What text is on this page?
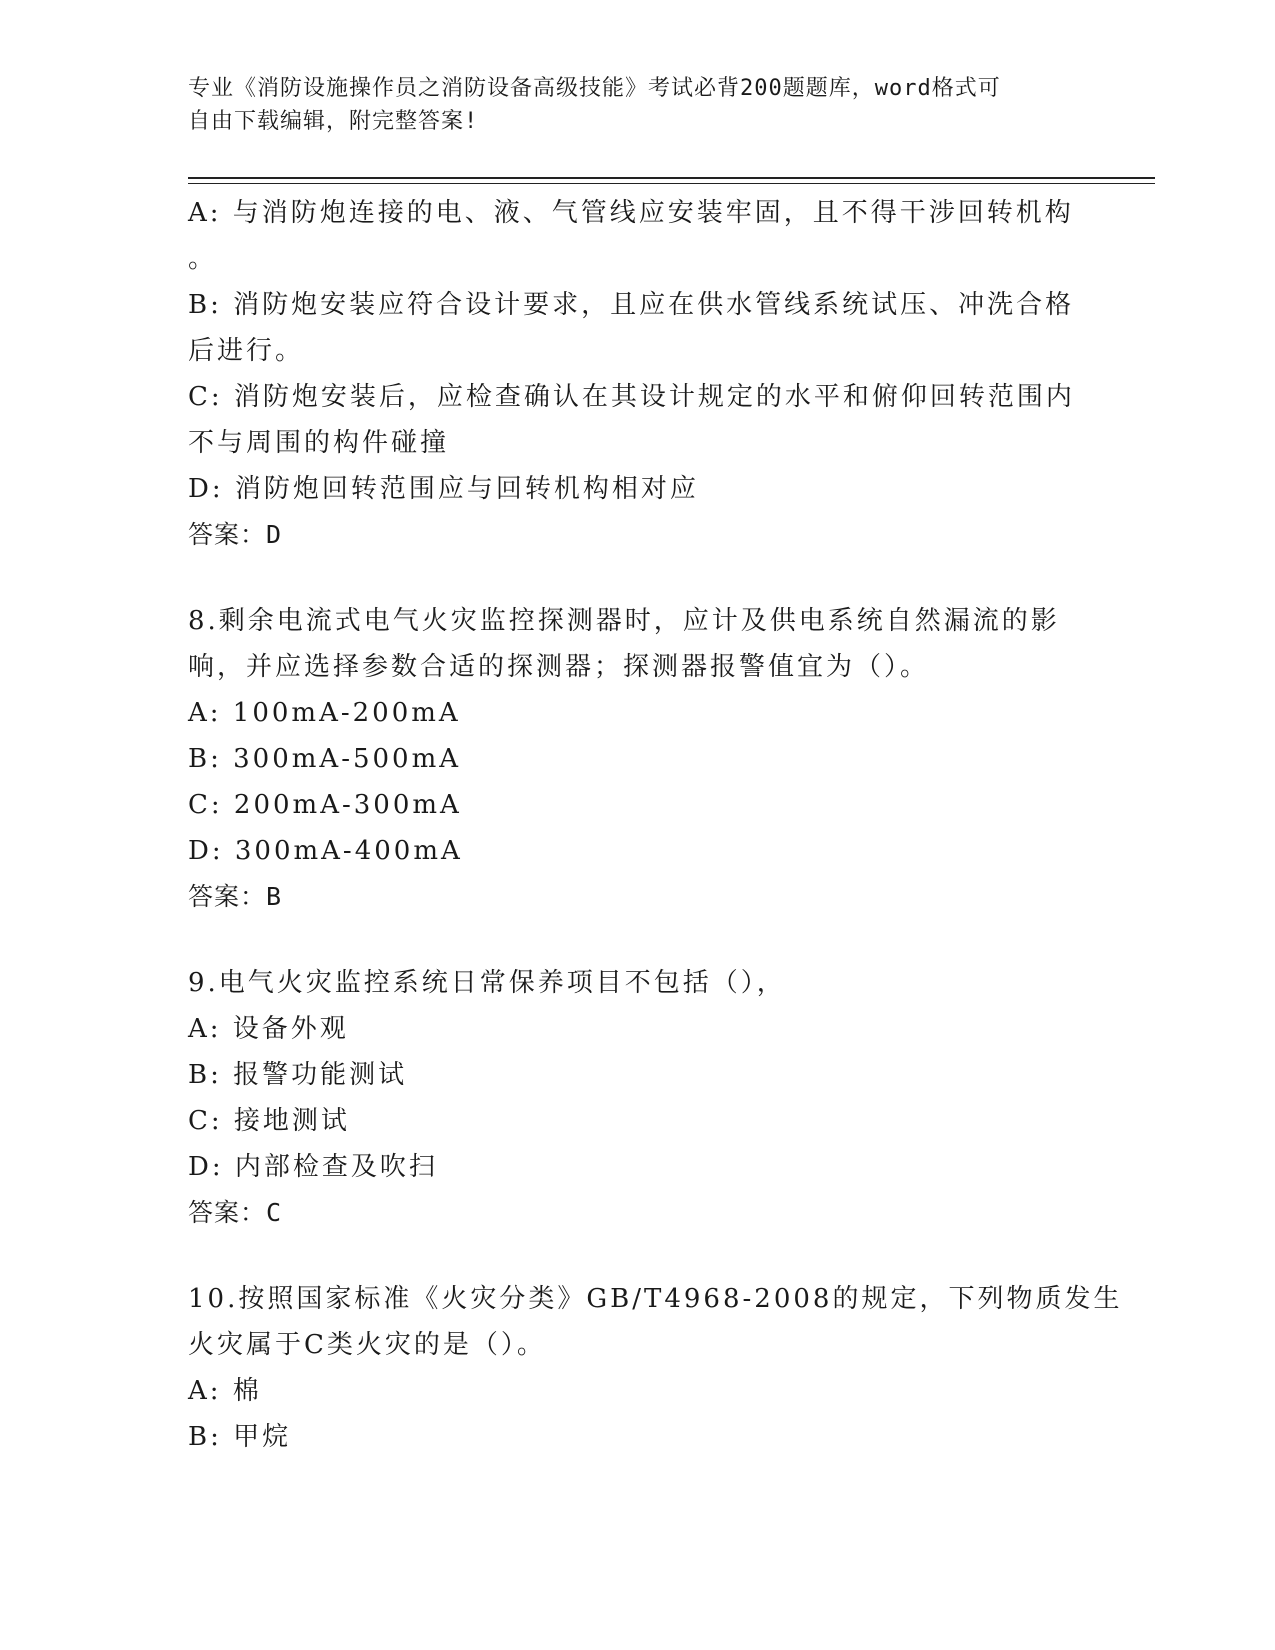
专业《消防设施操作员之消防设备高级技能》考试必背200题题库，word格式可
自由下载编辑，附完整答案!
A: 与消防炮连接的电、液、气管线应安装牢固，且不得干涉回转机构
。
B: 消防炮安装应符合设计要求，且应在供水管线系统试压、冲洗合格
后进行。
C: 消防炮安装后，应检查确认在其设计规定的水平和俯仰回转范围内
不与周围的构件碰撞
D: 消防炮回转范围应与回转机构相对应
答案：D
8.剩余电流式电气火灾监控探测器时，应计及供电系统自然漏流的影
响，并应选择参数合适的探测器；探测器报警值宜为（）。
A: 100mA-200mA
B: 300mA-500mA
C: 200mA-300mA
D: 300mA-400mA
答案：B
9.电气火灾监控系统日常保养项目不包括（），
A: 设备外观
B: 报警功能测试
C: 接地测试
D: 内部检查及吹扫
答案：C
10.按照国家标准《火灾分类》GB/T4968-2008的规定，下列物质发生
火灾属于C类火灾的是（）。
A: 棉
B: 甲烷
